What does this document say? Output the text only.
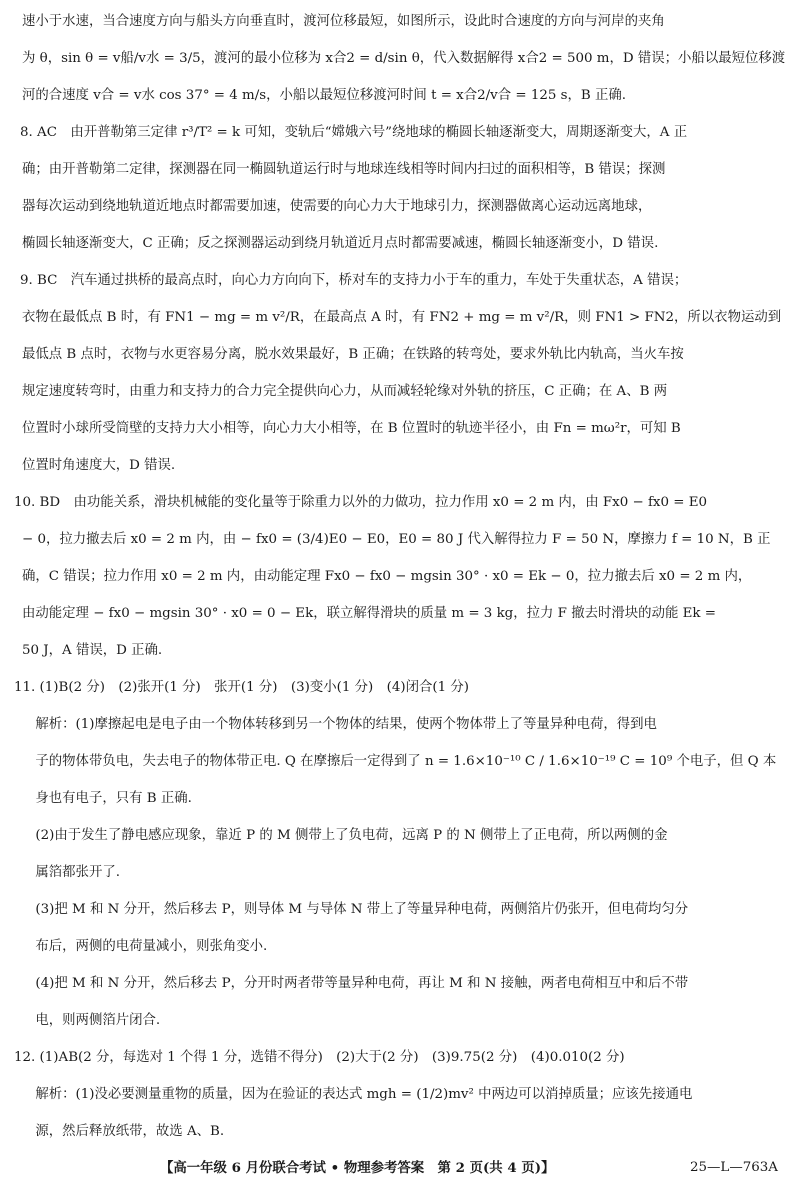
速小于水速，当合速度方向与船头方向垂直时，渡河位移最短，如图所示，设此时合速度的方向与河岸的夹角
为 θ，sin θ = v船/v水 = 3/5，渡河的最小位移为 x合2 = d/sin θ，代入数据解得 x合2 = 500 m，D 错误；小船以最短位移渡
河的合速度 v合 = v水 cos 37° = 4 m/s，小船以最短位移渡河时间 t = x合2/v合 = 125 s，B 正确.
8. AC　由开普勒第三定律 r³/T² = k 可知，变轨后“嫦娥六号”绕地球的椭圆长轴逐渐变大，周期逐渐变大，A 正
确；由开普勒第二定律，探测器在同一椭圆轨道运行时与地球连线相等时间内扫过的面积相等，B 错误；探测
器每次运动到绕地轨道近地点时都需要加速，使需要的向心力大于地球引力，探测器做离心运动远离地球，
椭圆长轴逐渐变大，C 正确；反之探测器运动到绕月轨道近月点时都需要减速，椭圆长轴逐渐变小，D 错误.
9. BC　汽车通过拱桥的最高点时，向心力方向向下，桥对车的支持力小于车的重力，车处于失重状态，A 错误；
衣物在最低点 B 时，有 FN1 − mg = m v²/R，在最高点 A 时，有 FN2 + mg = m v²/R，则 FN1 > FN2，所以衣物运动到
最低点 B 点时，衣物与水更容易分离，脱水效果最好，B 正确；在铁路的转弯处，要求外轨比内轨高，当火车按
规定速度转弯时，由重力和支持力的合力完全提供向心力，从而减轻轮缘对外轨的挤压，C 正确；在 A、B 两
位置时小球所受筒壁的支持力大小相等，向心力大小相等，在 B 位置时的轨迹半径小，由 Fn = mω²r，可知 B
位置时角速度大，D 错误.
10. BD　由功能关系，滑块机械能的变化量等于除重力以外的力做功，拉力作用 x0 = 2 m 内，由 Fx0 − fx0 = E0
− 0，拉力撤去后 x0 = 2 m 内，由 − fx0 = (3/4)E0 − E0，E0 = 80 J 代入解得拉力 F = 50 N，摩擦力 f = 10 N，B 正
确，C 错误；拉力作用 x0 = 2 m 内，由动能定理 Fx0 − fx0 − mgsin 30° · x0 = Ek − 0，拉力撤去后 x0 = 2 m 内，
由动能定理 − fx0 − mgsin 30° · x0 = 0 − Ek，联立解得滑块的质量 m = 3 kg，拉力 F 撤去时滑块的动能 Ek =
50 J，A 错误，D 正确.
11. (1)B(2 分)　(2)张开(1 分)　张开(1 分)　(3)变小(1 分)　(4)闭合(1 分)
　解析：(1)摩擦起电是电子由一个物体转移到另一个物体的结果，使两个物体带上了等量异种电荷，得到电
　子的物体带负电，失去电子的物体带正电. Q 在摩擦后一定得到了 n = 1.6×10⁻¹⁰ C / 1.6×10⁻¹⁹ C = 10⁹ 个电子，但 Q 本
　身也有电子，只有 B 正确.
　(2)由于发生了静电感应现象，靠近 P 的 M 侧带上了负电荷，远离 P 的 N 侧带上了正电荷，所以两侧的金
　属箔都张开了.
　(3)把 M 和 N 分开，然后移去 P，则导体 M 与导体 N 带上了等量异种电荷，两侧箔片仍张开，但电荷均匀分
　布后，两侧的电荷量减小，则张角变小.
　(4)把 M 和 N 分开，然后移去 P，分开时两者带等量异种电荷，再让 M 和 N 接触，两者电荷相互中和后不带
　电，则两侧箔片闭合.
12. (1)AB(2 分，每选对 1 个得 1 分，选错不得分)　(2)大于(2 分)　(3)9.75(2 分)　(4)0.010(2 分)
　解析：(1)没必要测量重物的质量，因为在验证的表达式 mgh = (1/2)mv² 中两边可以消掉质量；应该先接通电
　源，然后释放纸带，故选 A、B.
【高一年级 6 月份联合考试 • 物理参考答案　第 2 页(共 4 页)】	25—L—763A
